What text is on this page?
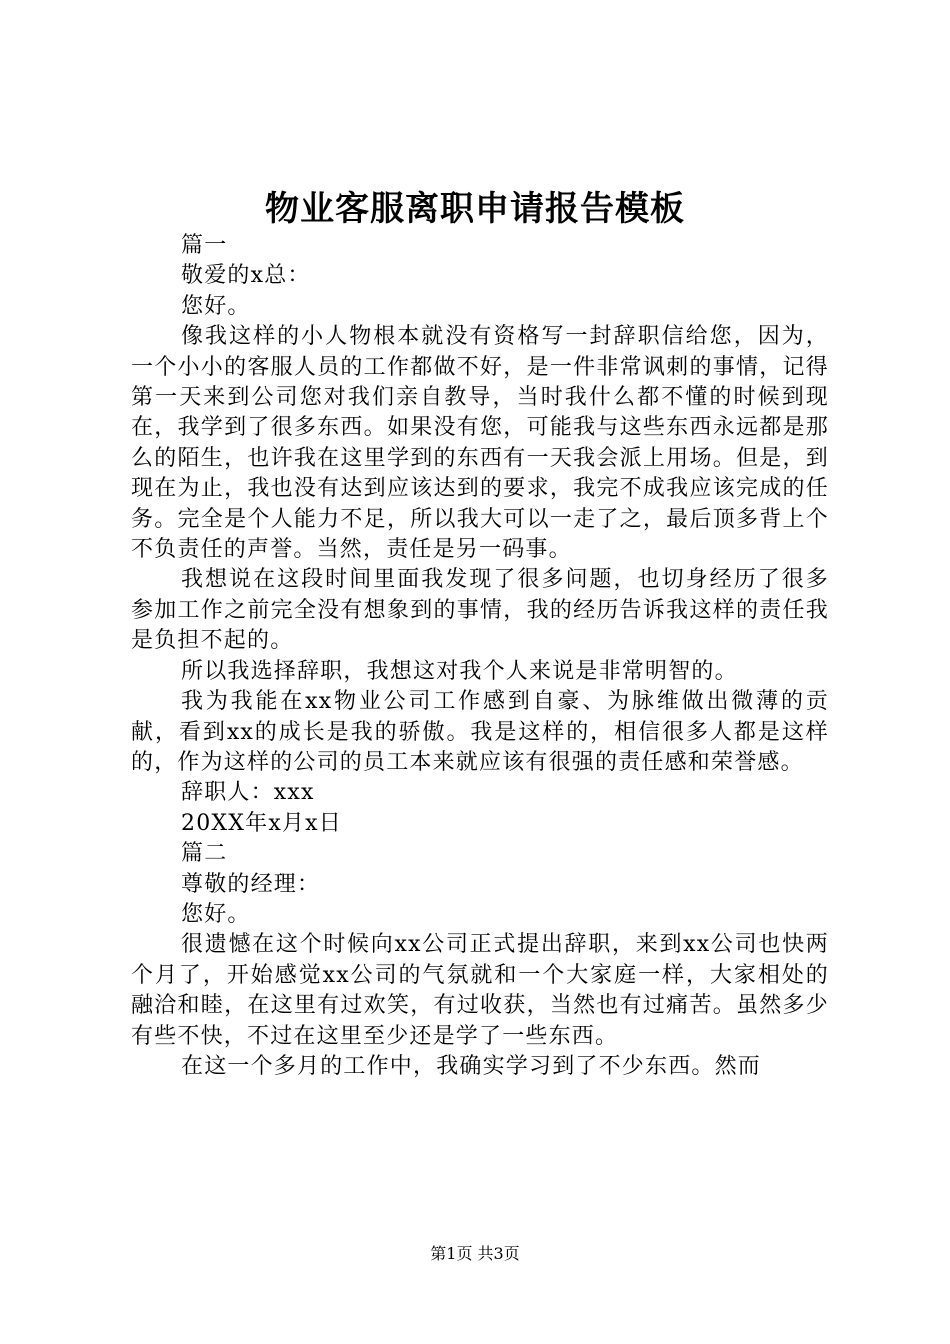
物业客服离职申请报告模板

篇一

敬爱的x总：

您好。

像我这样的小人物根本就没有资格写一封辞职信给您，因为，一个小小的客服人员的工作都做不好，是一件非常讽刺的事情，记得第一天来到公司您对我们亲自教导，当时我什么都不懂的时候到现在，我学到了很多东西。如果没有您，可能我与这些东西永远都是那么的陌生，也许我在这里学到的东西有一天我会派上用场。但是，到现在为止，我也没有达到应该达到的要求，我完不成我应该完成的任务。完全是个人能力不足，所以我大可以一走了之，最后顶多背上个不负责任的声誉。当然，责任是另一码事。

我想说在这段时间里面我发现了很多问题，也切身经历了很多参加工作之前完全没有想象到的事情，我的经历告诉我这样的责任我是负担不起的。

所以我选择辞职，我想这对我个人来说是非常明智的。

我为我能在xx物业公司工作感到自豪、为脉维做出微薄的贡献，看到xx的成长是我的骄傲。我是这样的，相信很多人都是这样的，作为这样的公司的员工本来就应该有很强的责任感和荣誉感。

辞职人：xxx

20XX年x月x日

篇二

尊敬的经理：

您好。

很遗憾在这个时候向xx公司正式提出辞职，来到xx公司也快两个月了，开始感觉xx公司的气氛就和一个大家庭一样，大家相处的融洽和睦，在这里有过欢笑，有过收获，当然也有过痛苦。虽然多少有些不快，不过在这里至少还是学了一些东西。

在这一个多月的工作中，我确实学习到了不少东西。然而

第1页 共3页
